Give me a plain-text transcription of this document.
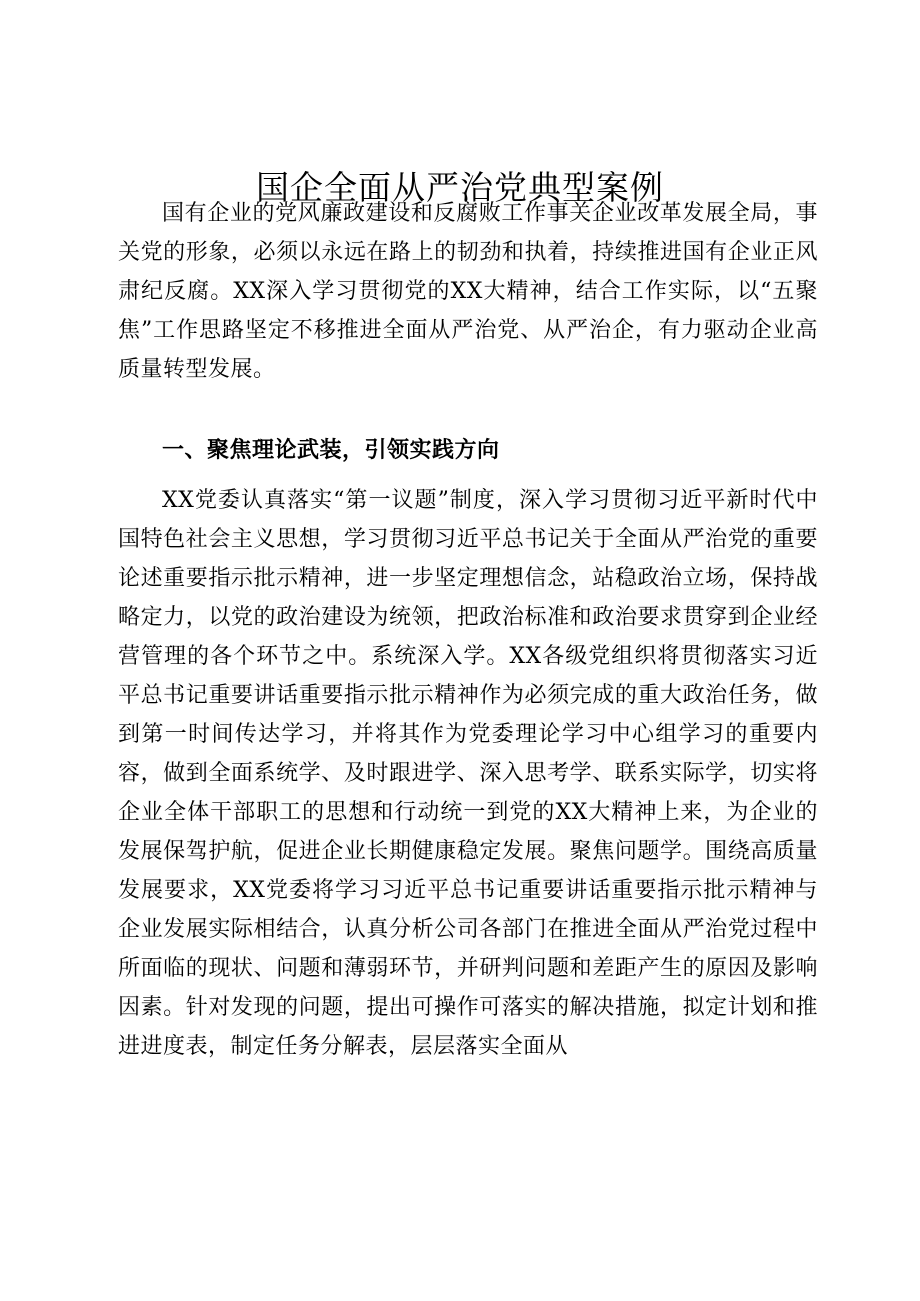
国企全面从严治党典型案例

国有企业的党风廉政建设和反腐败工作事关企业改革发展全局，事关党的形象，必须以永远在路上的韧劲和执着，持续推进国有企业正风肃纪反腐。XX深入学习贯彻党的XX大精神，结合工作实际，以“五聚焦”工作思路坚定不移推进全面从严治党、从严治企，有力驱动企业高质量转型发展。

一、聚焦理论武装，引领实践方向

XX党委认真落实“第一议题”制度，深入学习贯彻习近平新时代中国特色社会主义思想，学习贯彻习近平总书记关于全面从严治党的重要论述重要指示批示精神，进一步坚定理想信念，站稳政治立场，保持战略定力，以党的政治建设为统领，把政治标准和政治要求贯穿到企业经营管理的各个环节之中。系统深入学。XX各级党组织将贯彻落实习近平总书记重要讲话重要指示批示精神作为必须完成的重大政治任务，做到第一时间传达学习，并将其作为党委理论学习中心组学习的重要内容，做到全面系统学、及时跟进学、深入思考学、联系实际学，切实将企业全体干部职工的思想和行动统一到党的XX大精神上来，为企业的发展保驾护航，促进企业长期健康稳定发展。聚焦问题学。围绕高质量发展要求，XX党委将学习习近平总书记重要讲话重要指示批示精神与企业发展实际相结合，认真分析公司各部门在推进全面从严治党过程中所面临的现状、问题和薄弱环节，并研判问题和差距产生的原因及影响因素。针对发现的问题，提出可操作可落实的解决措施，拟定计划和推进进度表，制定任务分解表，层层落实全面从
